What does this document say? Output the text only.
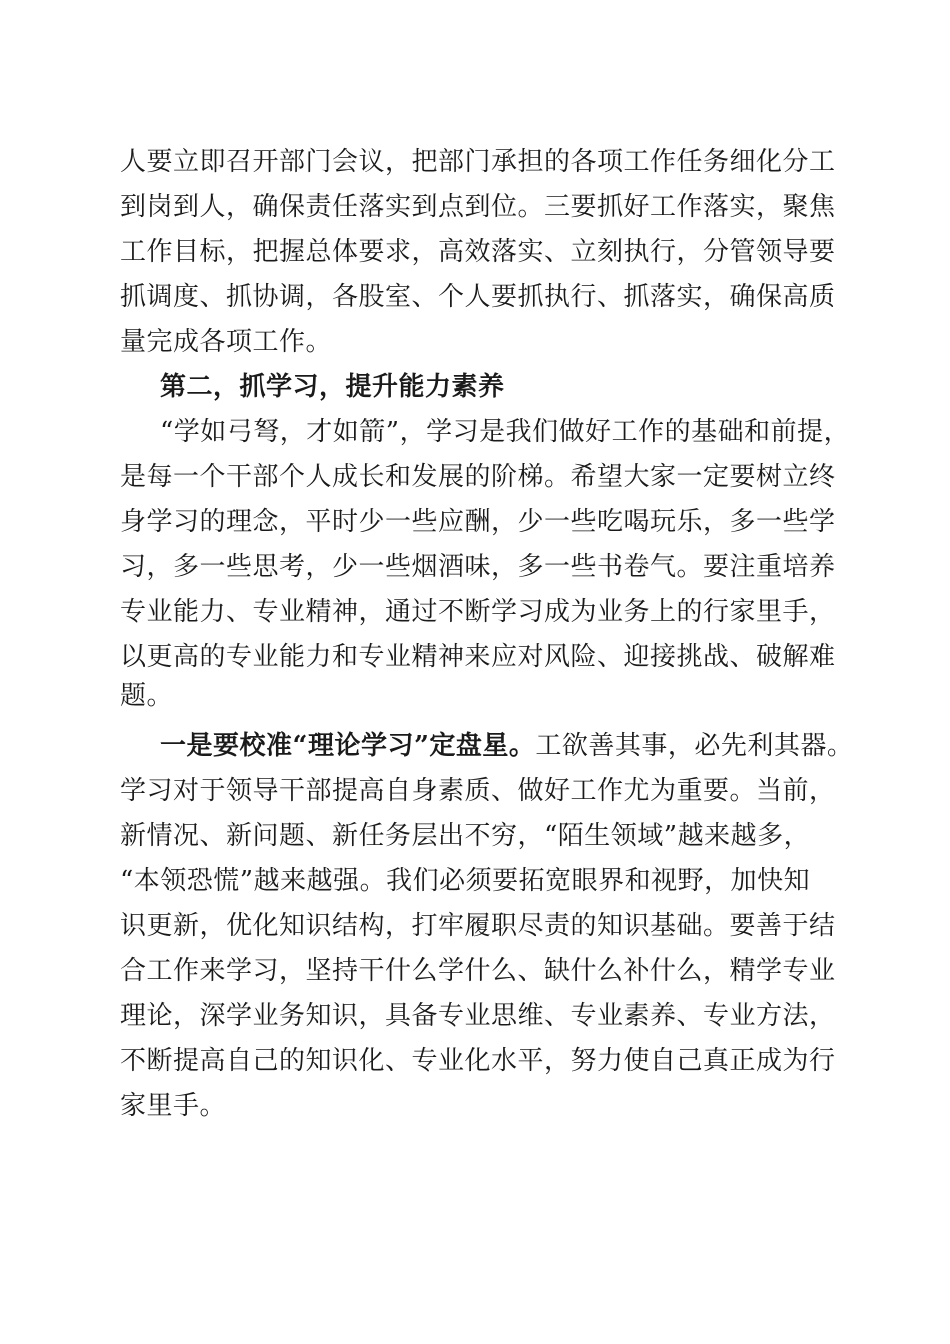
人要立即召开部门会议，把部门承担的各项工作任务细化分工
到岗到人，确保责任落实到点到位。三要抓好工作落实，聚焦
工作目标，把握总体要求，高效落实、立刻执行，分管领导要
抓调度、抓协调，各股室、个人要抓执行、抓落实，确保高质
量完成各项工作。
第二，抓学习，提升能力素养
“学如弓弩，才如箭”，学习是我们做好工作的基础和前提，
是每一个干部个人成长和发展的阶梯。希望大家一定要树立终
身学习的理念，平时少一些应酬，少一些吃喝玩乐，多一些学
习，多一些思考，少一些烟酒味，多一些书卷气。要注重培养
专业能力、专业精神，通过不断学习成为业务上的行家里手，
以更高的专业能力和专业精神来应对风险、迎接挑战、破解难
题。
一是要校准“理论学习”定盘星。工欲善其事，必先利其器。
学习对于领导干部提高自身素质、做好工作尤为重要。当前，
新情况、新问题、新任务层出不穷，“陌生领域”越来越多，
“本领恐慌”越来越强。我们必须要拓宽眼界和视野，加快知
识更新，优化知识结构，打牢履职尽责的知识基础。要善于结
合工作来学习，坚持干什么学什么、缺什么补什么，精学专业
理论，深学业务知识，具备专业思维、专业素养、专业方法，
不断提高自己的知识化、专业化水平，努力使自己真正成为行
家里手。
